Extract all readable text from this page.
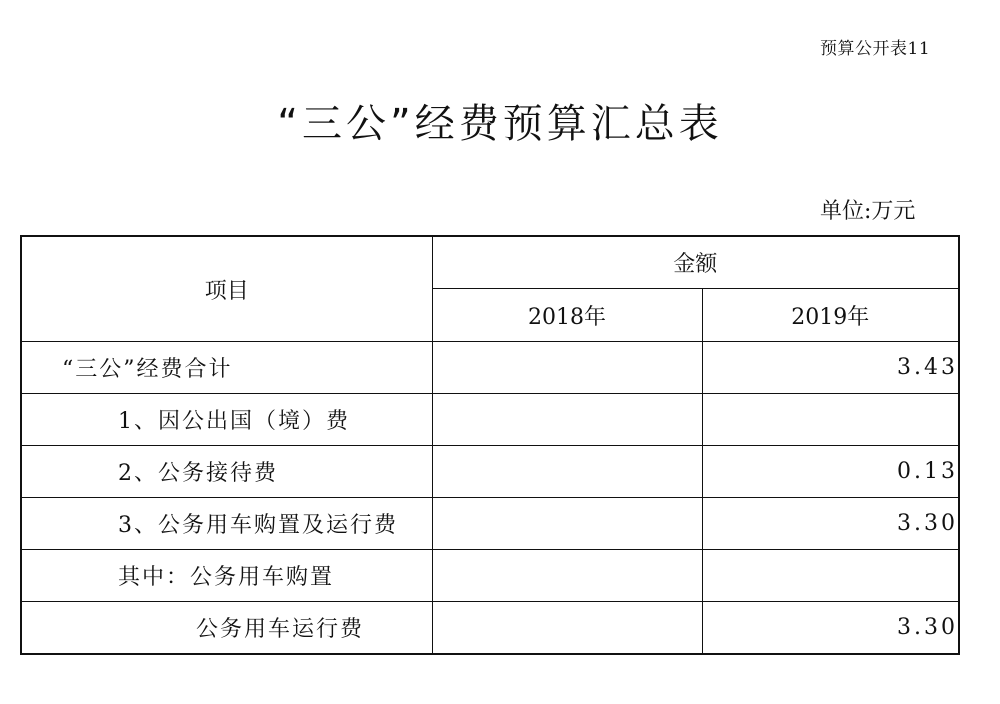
预算公开表11
“三公”经费预算汇总表
单位:万元
项目	金额	
	2018年	2019年

“三公”经费合计		3.43

1、因公出国（境）费		

2、公务接待费		0.13

3、公务用车购置及运行费		3.30

其中：公务用车购置		

公务用车运行费		3.30
